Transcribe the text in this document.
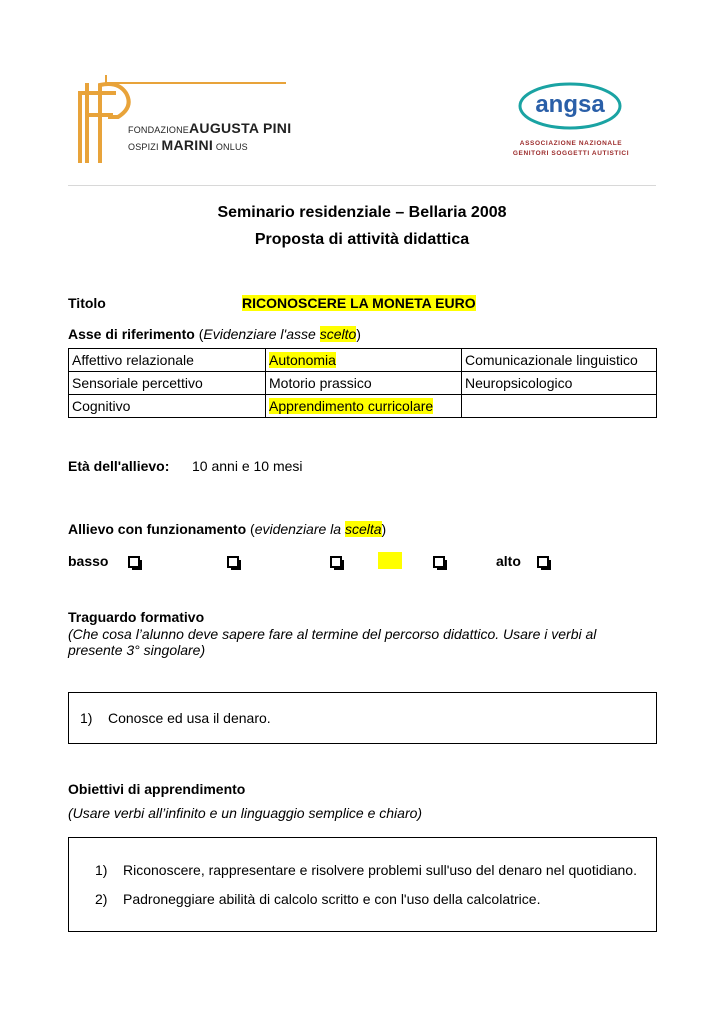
FONDAZIONEAUGUSTA PINI
OSPIZI MARINI ONLUS
angsa
ASSOCIAZIONE NAZIONALE
GENITORI SOGGETTI AUTISTICI
Seminario residenziale – Bellaria 2008
Proposta di attività didattica
Titolo	RICONOSCERE LA MONETA EURO
Asse di riferimento (Evidenziare l'asse scelto)
Affettivo relazionale	Autonomia	Comunicazionale linguistico
Sensoriale percettivo	Motorio prassico	Neuropsicologico
Cognitivo	Apprendimento curricolare	
Età dell'allievo: 10 anni e 10 mesi
Allievo con funzionamento (evidenziare la scelta)
basso

	alto
Traguardo formativo
(Che cosa l’alunno deve sapere fare al termine del percorso didattico. Usare i verbi al
presente 3° singolare)
1) Conosce ed usa il denaro.
Obiettivi di apprendimento
(Usare verbi all’infinito e un linguaggio semplice e chiaro)
1) Riconoscere, rappresentare e risolvere problemi sull'uso del denaro nel quotidiano.
2) Padroneggiare abilità di calcolo scritto e con l'uso della calcolatrice.
